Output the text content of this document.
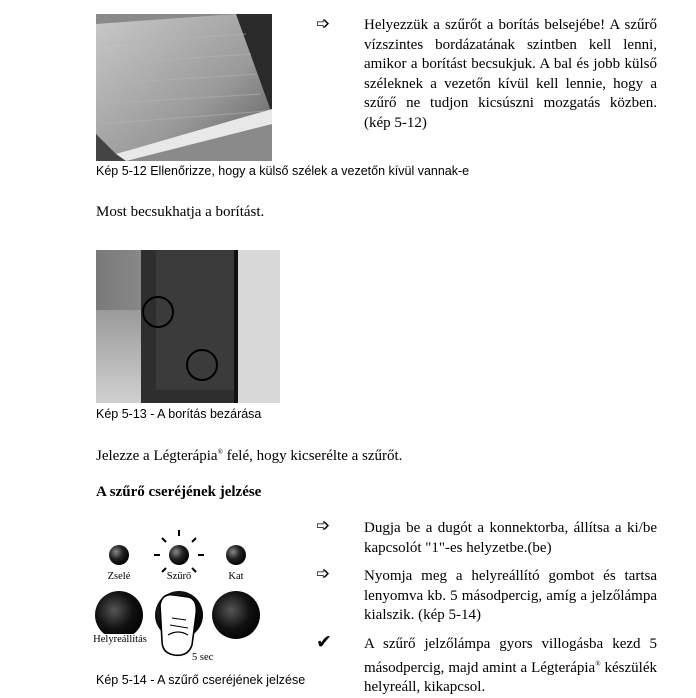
➩	Helyezzük a szűrőt a borítás belsejébe! A szűrő vízszintes bordázatának szintben kell lenni, amikor a borítást becsukjuk. A bal és jobb külső széleknek a vezetőn kívül kell lennie, hogy a szűrő ne tudjon kicsúszni mozgatás közben. (kép 5-12)
Kép 5-12 Ellenőrizze, hogy a külső szélek a vezetőn kívül vannak-e
Most becsukhatja a borítást.
Kép 5-13 - A borítás bezárása
Jelezze a Légterápia® felé, hogy kicserélte a szűrőt.
A szűrő cseréjének jelzése
Zselé	Szűrő	Kat
Helyreállítás
5 sec
Kép 5-14 - A szűrő cseréjének jelzése
➩	Dugja be a dugót a konnektorba, állítsa a ki/be kapcsolót "1"-es helyzetbe.(be)
➩	Nyomja meg a helyreállító gombot és tartsa lenyomva kb. 5 másodpercig, amíg a jelzőlámpa kialszik. (kép 5-14)
✔	A szűrő jelzőlámpa gyors villogásba kezd 5 másodpercig, majd amint a Légterápia® készülék helyreáll, kikapcsol.
